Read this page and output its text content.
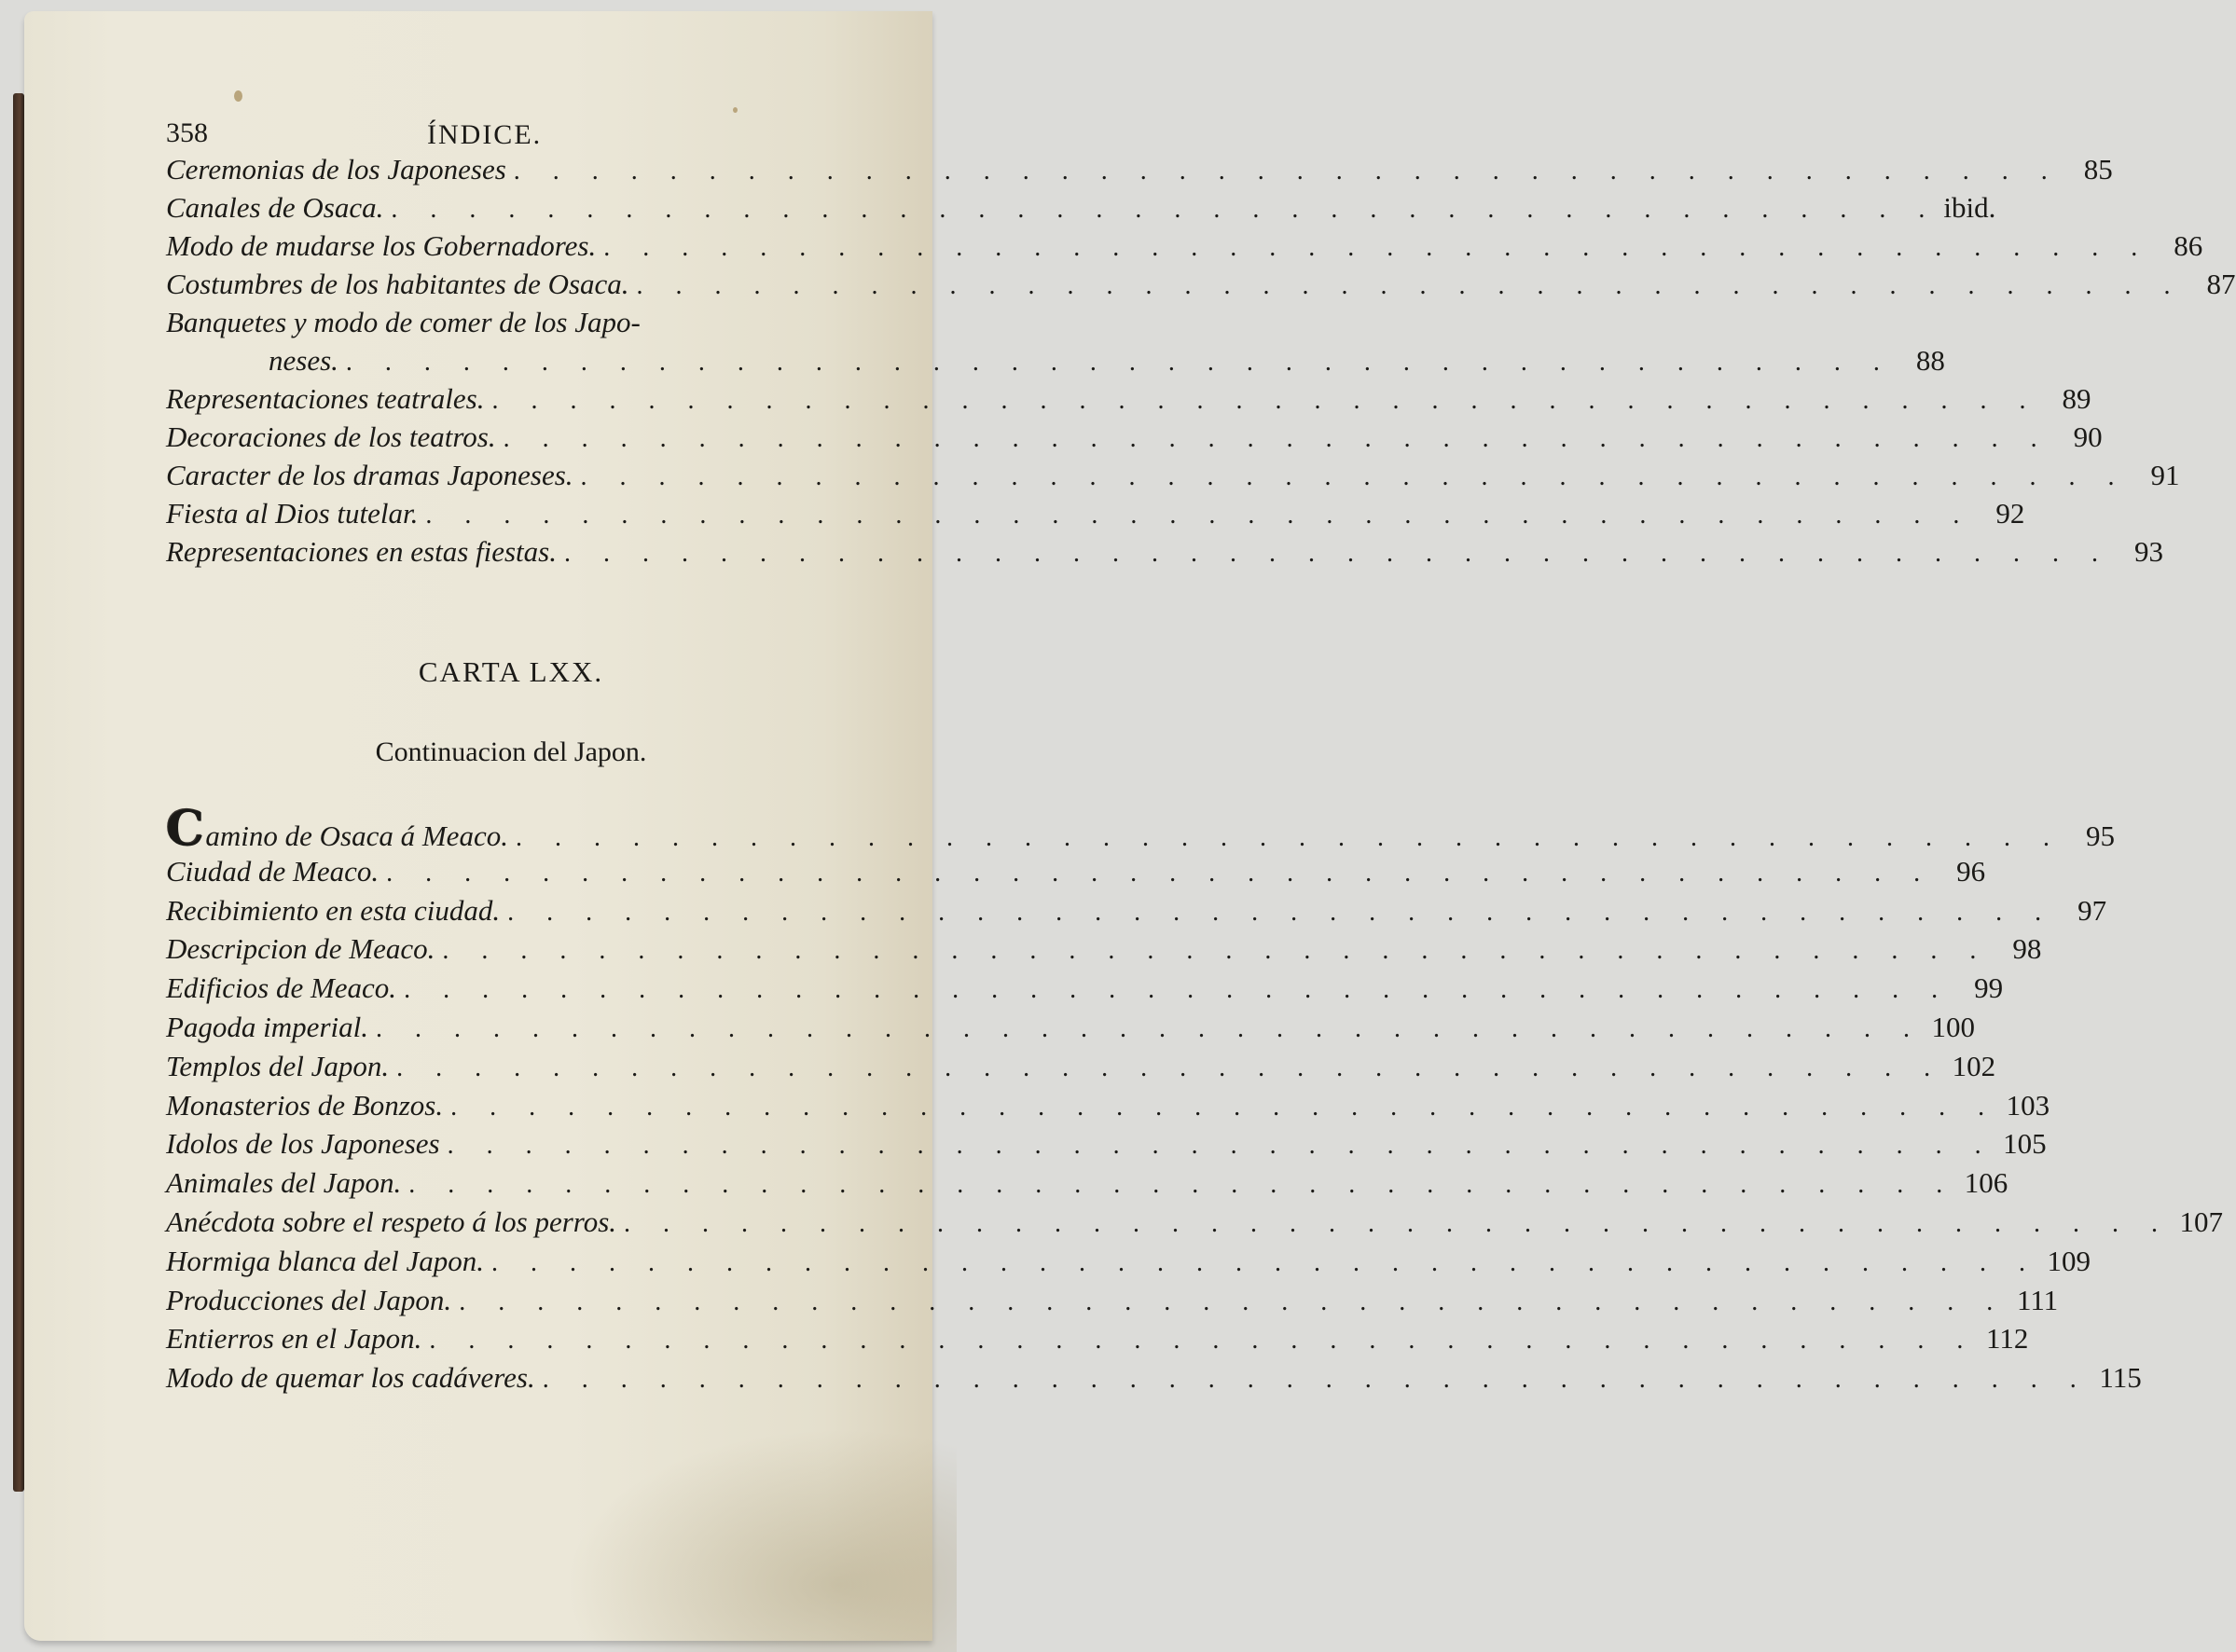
358	ÍNDICE.
Ceremonias de los Japoneses . . . . . . . . . . . . . . . . . . . . . . . . . . . . . . . . . . . . . . . . 85
Canales de Osaca. . . . . . . . . . . . . . . . . . . . . . . . . . . . . . . . . . . . . . . . . ibid.
Modo de mudarse los Gobernadores. . . . . . . . . . . . . . . . . . . . . . . . . . . . . . . . . . . . . . . . . 86
Costumbres de los habitantes de Osaca. . . . . . . . . . . . . . . . . . . . . . . . . . . . . . . . . . . . . . . . . 87
Banquetes y modo de comer de los Japo-
neses. . . . . . . . . . . . . . . . . . . . . . . . . . . . . . . . . . . . . . . . . 88
Representaciones teatrales. . . . . . . . . . . . . . . . . . . . . . . . . . . . . . . . . . . . . . . . . 89
Decoraciones de los teatros. . . . . . . . . . . . . . . . . . . . . . . . . . . . . . . . . . . . . . . . . 90
Caracter de los dramas Japoneses. . . . . . . . . . . . . . . . . . . . . . . . . . . . . . . . . . . . . . . . . 91
Fiesta al Dios tutelar. . . . . . . . . . . . . . . . . . . . . . . . . . . . . . . . . . . . . . . . . 92
Representaciones en estas fiestas. . . . . . . . . . . . . . . . . . . . . . . . . . . . . . . . . . . . . . . . . 93
CARTA LXX.
Continuacion del Japon.
Camino de Osaca á Meaco. . . . . . . . . . . . . . . . . . . . . . . . . . . . . . . . . . . . . . . . . 95
Ciudad de Meaco. . . . . . . . . . . . . . . . . . . . . . . . . . . . . . . . . . . . . . . . . 96
Recibimiento en esta ciudad. . . . . . . . . . . . . . . . . . . . . . . . . . . . . . . . . . . . . . . . . 97
Descripcion de Meaco. . . . . . . . . . . . . . . . . . . . . . . . . . . . . . . . . . . . . . . . . 98
Edificios de Meaco. . . . . . . . . . . . . . . . . . . . . . . . . . . . . . . . . . . . . . . . . 99
Pagoda imperial. . . . . . . . . . . . . . . . . . . . . . . . . . . . . . . . . . . . . . . . . 100
Templos del Japon. . . . . . . . . . . . . . . . . . . . . . . . . . . . . . . . . . . . . . . . . 102
Monasterios de Bonzos. . . . . . . . . . . . . . . . . . . . . . . . . . . . . . . . . . . . . . . . . 103
Idolos de los Japoneses . . . . . . . . . . . . . . . . . . . . . . . . . . . . . . . . . . . . . . . . 105
Animales del Japon. . . . . . . . . . . . . . . . . . . . . . . . . . . . . . . . . . . . . . . . . 106
Anécdota sobre el respeto á los perros. . . . . . . . . . . . . . . . . . . . . . . . . . . . . . . . . . . . . . . . . 107
Hormiga blanca del Japon. . . . . . . . . . . . . . . . . . . . . . . . . . . . . . . . . . . . . . . . . 109
Producciones del Japon. . . . . . . . . . . . . . . . . . . . . . . . . . . . . . . . . . . . . . . . . 111
Entierros en el Japon. . . . . . . . . . . . . . . . . . . . . . . . . . . . . . . . . . . . . . . . . 112
Modo de quemar los cadáveres. . . . . . . . . . . . . . . . . . . . . . . . . . . . . . . . . . . . . . . . . 115
